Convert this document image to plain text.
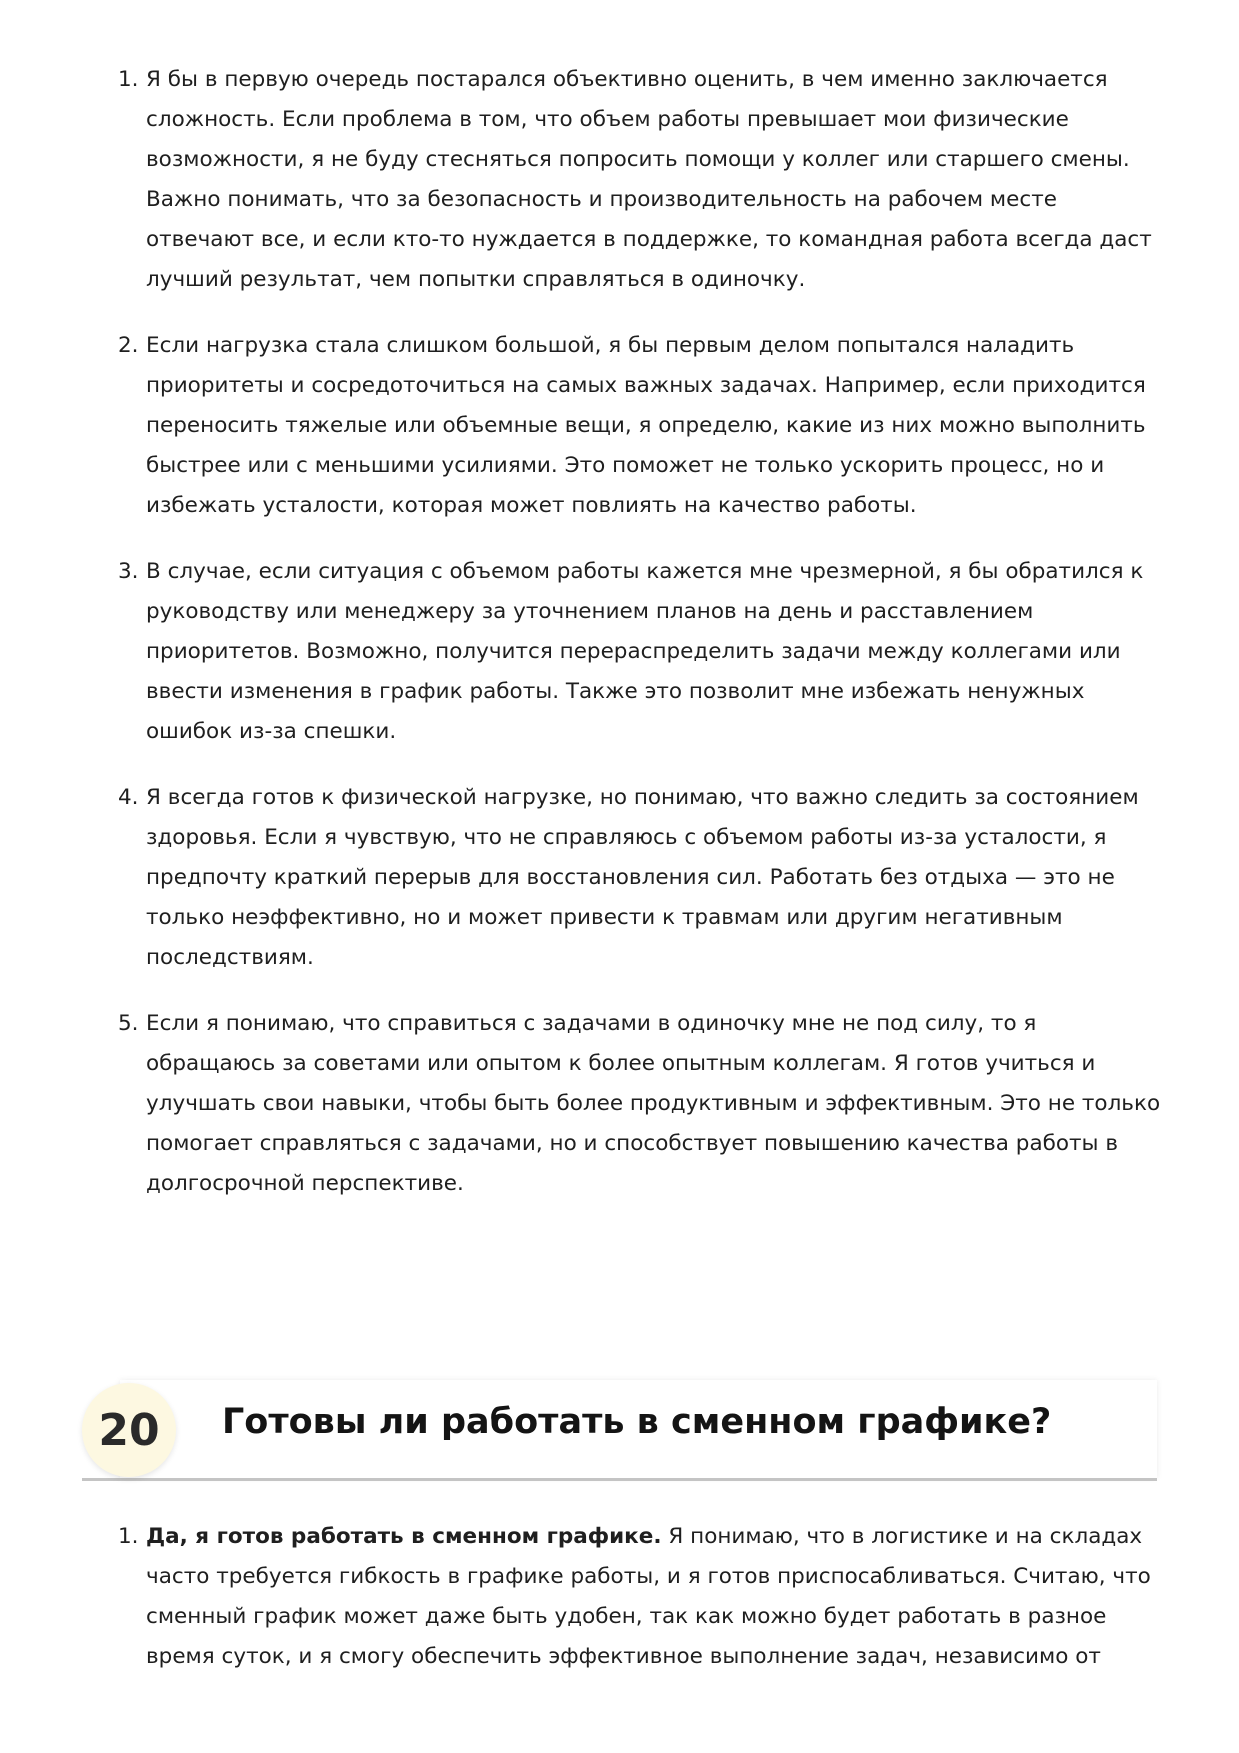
1. Я бы в первую очередь постарался объективно оценить, в чем именно заключается сложность. Если проблема в том, что объем работы превышает мои физические возможности, я не буду стесняться попросить помощи у коллег или старшего смены. Важно понимать, что за безопасность и производительность на рабочем месте отвечают все, и если кто-то нуждается в поддержке, то командная работа всегда даст лучший результат, чем попытки справляться в одиночку.
2. Если нагрузка стала слишком большой, я бы первым делом попытался наладить приоритеты и сосредоточиться на самых важных задачах. Например, если приходится переносить тяжелые или объемные вещи, я определю, какие из них можно выполнить быстрее или с меньшими усилиями. Это поможет не только ускорить процесс, но и избежать усталости, которая может повлиять на качество работы.
3. В случае, если ситуация с объемом работы кажется мне чрезмерной, я бы обратился к руководству или менеджеру за уточнением планов на день и расставлением приоритетов. Возможно, получится перераспределить задачи между коллегами или ввести изменения в график работы. Также это позволит мне избежать ненужных ошибок из-за спешки.
4. Я всегда готов к физической нагрузке, но понимаю, что важно следить за состоянием здоровья. Если я чувствую, что не справляюсь с объемом работы из-за усталости, я предпочту краткий перерыв для восстановления сил. Работать без отдыха — это не только неэффективно, но и может привести к травмам или другим негативным последствиям.
5. Если я понимаю, что справиться с задачами в одиночку мне не под силу, то я обращаюсь за советами или опытом к более опытным коллегам. Я готов учиться и улучшать свои навыки, чтобы быть более продуктивным и эффективным. Это не только помогает справляться с задачами, но и способствует повышению качества работы в долгосрочной перспективе.
20	Готовы ли работать в сменном графике?
1. Да, я готов работать в сменном графике. Я понимаю, что в логистике и на складах часто требуется гибкость в графике работы, и я готов приспосабливаться. Считаю, что сменный график может даже быть удобен, так как можно будет работать в разное время суток, и я смогу обеспечить эффективное выполнение задач, независимо от
